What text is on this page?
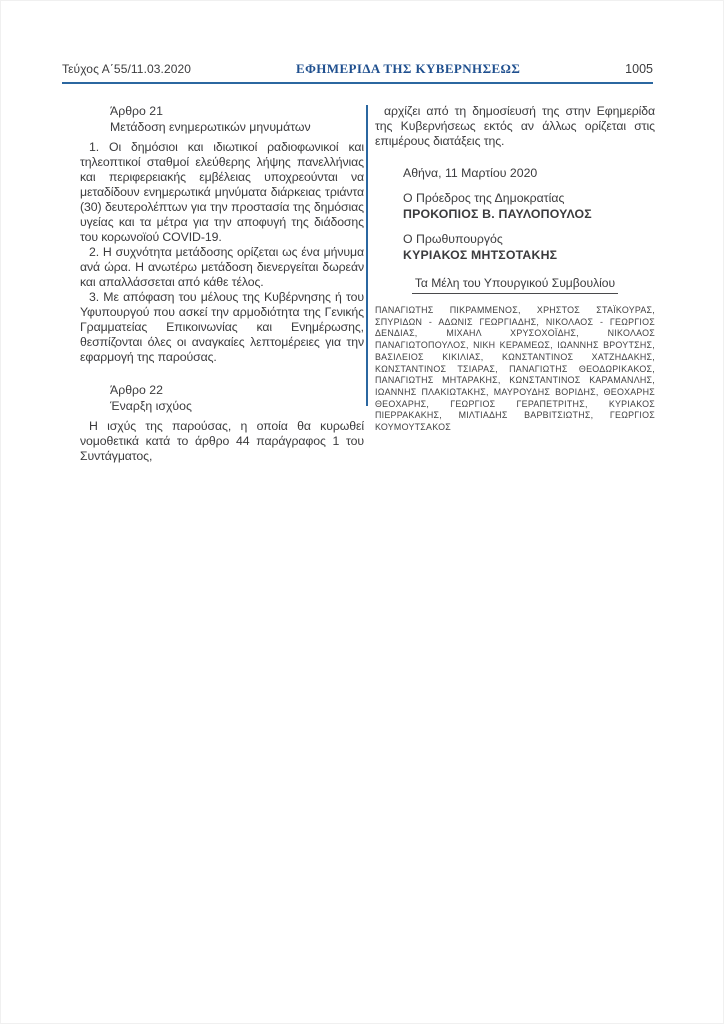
Τεύχος Α΄55/11.03.2020	ΕΦΗΜΕΡΙΔΑ ΤΗΣ ΚΥΒΕΡΝΗΣΕΩΣ	1005
Άρθρο 21
Μετάδοση ενημερωτικών μηνυμάτων

1. Οι δημόσιοι και ιδιωτικοί ραδιοφωνικοί και τηλεοπτικοί σταθμοί ελεύθερης λήψης πανελλήνιας και περιφερειακής εμβέλειας υποχρεούνται να μεταδίδουν ενημερωτικά μηνύματα διάρκειας τριάντα (30) δευτερολέπτων για την προστασία της δημόσιας υγείας και τα μέτρα για την αποφυγή της διάδοσης του κορωνοϊού COVID-19.

2. Η συχνότητα μετάδοσης ορίζεται ως ένα μήνυμα ανά ώρα. Η ανωτέρω μετάδοση διενεργείται δωρεάν και απαλλάσσεται από κάθε τέλος.

3. Με απόφαση του μέλους της Κυβέρνησης ή του Υφυπουργού που ασκεί την αρμοδιότητα της Γενικής Γραμματείας Επικοινωνίας και Ενημέρωσης, θεσπίζονται όλες οι αναγκαίες λεπτομέρειες για την εφαρμογή της παρούσας.

Άρθρο 22
Έναρξη ισχύος

Η ισχύς της παρούσας, η οποία θα κυρωθεί νομοθετικά κατά το άρθρο 44 παράγραφος 1 του Συντάγματος,

αρχίζει από τη δημοσίευσή της στην Εφημερίδα της Κυβερνήσεως εκτός αν άλλως ορίζεται στις επιμέρους διατάξεις της.

Αθήνα, 11 Μαρτίου 2020
Ο Πρόεδρος της Δημοκρατίας
ΠΡΟΚΟΠΙΟΣ Β. ΠΑΥΛΟΠΟΥΛΟΣ
Ο Πρωθυπουργός
ΚΥΡΙΑΚΟΣ ΜΗΤΣΟΤΑΚΗΣ
Τα Μέλη του Υπουργικού Συμβουλίου

ΠΑΝΑΓΙΩΤΗΣ ΠΙΚΡΑΜΜΕΝΟΣ, ΧΡΗΣΤΟΣ ΣΤΑΪΚΟΥΡΑΣ, ΣΠΥΡΙΔΩΝ - ΑΔΩΝΙΣ ΓΕΩΡΓΙΑΔΗΣ, ΝΙΚΟΛΑΟΣ - ΓΕΩΡΓΙΟΣ ΔΕΝΔΙΑΣ, ΜΙΧΑΗΛ ΧΡΥΣΟΧΟΪΔΗΣ, ΝΙΚΟΛΑΟΣ ΠΑΝΑΓΙΩΤΟΠΟΥΛΟΣ, ΝΙΚΗ ΚΕΡΑΜΕΩΣ, ΙΩΑΝΝΗΣ ΒΡΟΥΤΣΗΣ, ΒΑΣΙΛΕΙΟΣ ΚΙΚΙΛΙΑΣ, ΚΩΝΣΤΑΝΤΙΝΟΣ ΧΑΤΖΗΔΑΚΗΣ, ΚΩΝΣΤΑΝΤΙΝΟΣ ΤΣΙΑΡΑΣ, ΠΑΝΑΓΙΩΤΗΣ ΘΕΟΔΩΡΙΚΑΚΟΣ, ΠΑΝΑΓΙΩΤΗΣ ΜΗΤΑΡΑΚΗΣ, ΚΩΝΣΤΑΝΤΙΝΟΣ ΚΑΡΑΜΑΝΛΗΣ, ΙΩΑΝΝΗΣ ΠΛΑΚΙΩΤΑΚΗΣ, ΜΑΥΡΟΥΔΗΣ ΒΟΡΙΔΗΣ, ΘΕΟΧΑΡΗΣ ΘΕΟΧΑΡΗΣ, ΓΕΩΡΓΙΟΣ ΓΕΡΑΠΕΤΡΙΤΗΣ, ΚΥΡΙΑΚΟΣ ΠΙΕΡΡΑΚΑΚΗΣ, ΜΙΛΤΙΑΔΗΣ ΒΑΡΒΙΤΣΙΩΤΗΣ, ΓΕΩΡΓΙΟΣ ΚΟΥΜΟΥΤΣΑΚΟΣ
